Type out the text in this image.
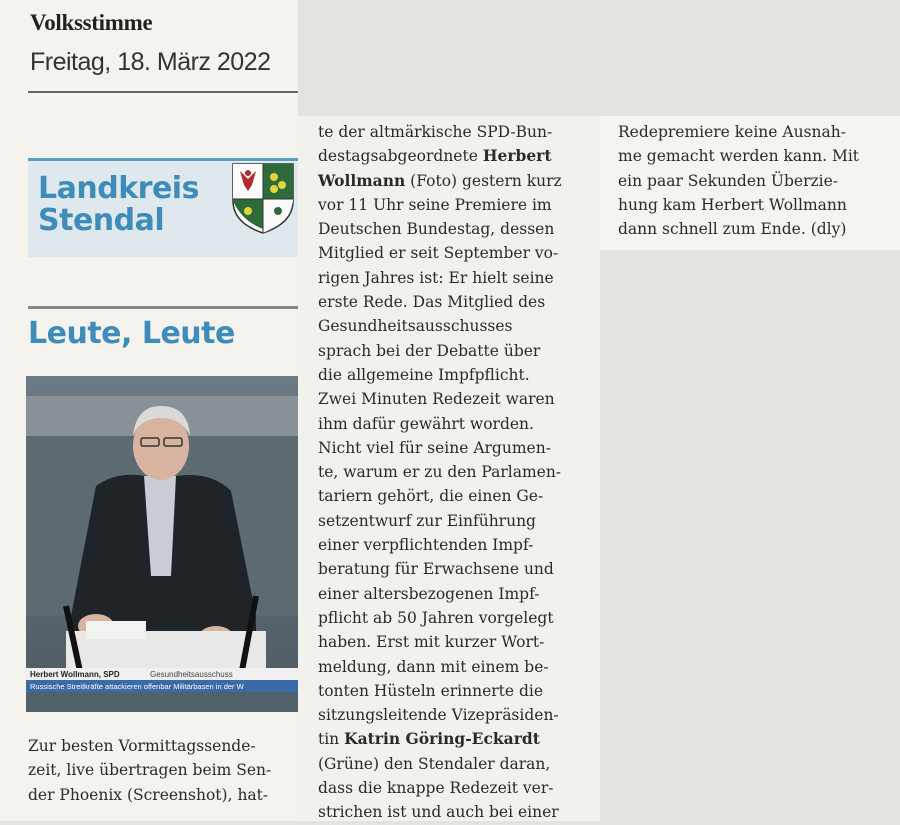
Volksstimme
Freitag, 18. März 2022
Landkreis
Stendal
Leute, Leute
Herbert Wollmann, SPD	Gesundheitsausschuss
Russische Streitkräfte attackieren offenbar Militärbasen in der W
Zur besten Vormittagssende-
zeit, live übertragen beim Sen-
der Phoenix (Screenshot), hat-
te der altmärkische SPD-Bun-
destagsabgeordnete Herbert
Wollmann (Foto) gestern kurz
vor 11 Uhr seine Premiere im
Deutschen Bundestag, dessen
Mitglied er seit September vo-
rigen Jahres ist: Er hielt seine
erste Rede. Das Mitglied des
Gesundheitsausschusses
sprach bei der Debatte über
die allgemeine Impfpflicht.
Zwei Minuten Redezeit waren
ihm dafür gewährt worden.
Nicht viel für seine Argumen-
te, warum er zu den Parlamen-
tariern gehört, die einen Ge-
setzentwurf zur Einführung
einer verpflichtenden Impf-
beratung für Erwachsene und
einer altersbezogenen Impf-
pflicht ab 50 Jahren vorgelegt
haben. Erst mit kurzer Wort-
meldung, dann mit einem be-
tonten Hüsteln erinnerte die
sitzungsleitende Vizepräsiden-
tin Katrin Göring-Eckardt
(Grüne) den Stendaler daran,
dass die knappe Redezeit ver-
strichen ist und auch bei einer
Redepremiere keine Ausnah-
me gemacht werden kann. Mit
ein paar Sekunden Überzie-
hung kam Herbert Wollmann
dann schnell zum Ende. (dly)
